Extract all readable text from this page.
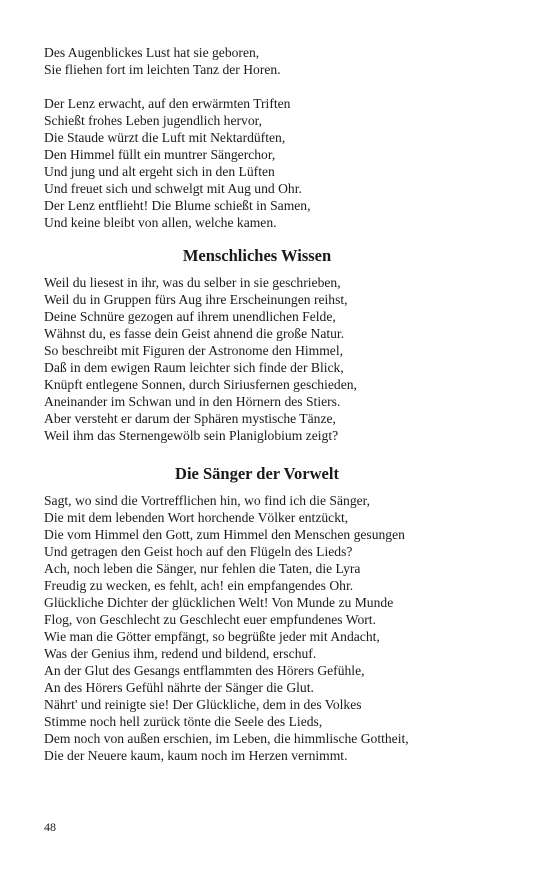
Des Augenblickes Lust hat sie geboren,
Sie fliehen fort im leichten Tanz der Horen.
Der Lenz erwacht, auf den erwärmten Triften
Schießt frohes Leben jugendlich hervor,
Die Staude würzt die Luft mit Nektardüften,
Den Himmel füllt ein muntrer Sängerchor,
Und jung und alt ergeht sich in den Lüften
Und freuet sich und schwelgt mit Aug und Ohr.
Der Lenz entflieht! Die Blume schießt in Samen,
Und keine bleibt von allen, welche kamen.
Menschliches Wissen
Weil du liesest in ihr, was du selber in sie geschrieben,
Weil du in Gruppen fürs Aug ihre Erscheinungen reihst,
Deine Schnüre gezogen auf ihrem unendlichen Felde,
Wähnst du, es fasse dein Geist ahnend die große Natur.
So beschreibt mit Figuren der Astronome den Himmel,
Daß in dem ewigen Raum leichter sich finde der Blick,
Knüpft entlegene Sonnen, durch Siriusfernen geschieden,
Aneinander im Schwan und in den Hörnern des Stiers.
Aber versteht er darum der Sphären mystische Tänze,
Weil ihm das Sternengewölb sein Planiglobium zeigt?
Die Sänger der Vorwelt
Sagt, wo sind die Vortrefflichen hin, wo find ich die Sänger,
Die mit dem lebenden Wort horchende Völker entzückt,
Die vom Himmel den Gott, zum Himmel den Menschen gesungen
Und getragen den Geist hoch auf den Flügeln des Lieds?
Ach, noch leben die Sänger, nur fehlen die Taten, die Lyra
Freudig zu wecken, es fehlt, ach! ein empfangendes Ohr.
Glückliche Dichter der glücklichen Welt! Von Munde zu Munde
Flog, von Geschlecht zu Geschlecht euer empfundenes Wort.
Wie man die Götter empfängt, so begrüßte jeder mit Andacht,
Was der Genius ihm, redend und bildend, erschuf.
An der Glut des Gesangs entflammten des Hörers Gefühle,
An des Hörers Gefühl nährte der Sänger die Glut.
Nährt' und reinigte sie! Der Glückliche, dem in des Volkes
Stimme noch hell zurück tönte die Seele des Lieds,
Dem noch von außen erschien, im Leben, die himmlische Gottheit,
Die der Neuere kaum, kaum noch im Herzen vernimmt.
48
